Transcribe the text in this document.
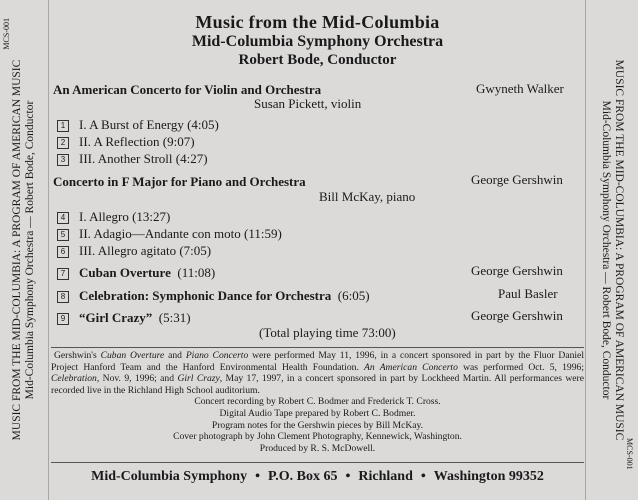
MCS-001
MUSIC FROM THE MID-COLUMBIA: A PROGRAM OF AMERICAN MUSIC Mid-Columbia Symphony Orchestra — Robert Bode, Conductor	MUSIC FROM THE MID-COLUMBIA: A PROGRAM OF AMERICAN MUSIC
Mid-Columbia Symphony Orchestra — Robert Bode, Conductor
MCS-001
Music from the Mid-Columbia
Mid-Columbia Symphony Orchestra
Robert Bode, Conductor
An American Concerto for Violin and Orchestra	Gwyneth Walker
Susan Pickett, violin
1 I. A Burst of Energy (4:05)
2 II. A Reflection (9:07)
3 III. Another Stroll (4:27)
Concerto in F Major for Piano and Orchestra	George Gershwin
Bill McKay, piano
4 I. Allegro (13:27)
5 II. Adagio—Andante con moto (11:59)
6 III. Allegro agitato (7:05)
7 Cuban Overture (11:08)	George Gershwin
8 Celebration: Symphonic Dance for Orchestra (6:05)	Paul Basler
9 “Girl Crazy” (5:31)	George Gershwin
(Total playing time 73:00)

Gershwin's Cuban Overture and Piano Concerto were performed May 11, 1996, in a concert sponsored in part by the Fluor Daniel Project Hanford Team and the Hanford Environmental Health Foundation. An American Concerto was performed Oct. 5, 1996; Celebration, Nov. 9, 1996; and Girl Crazy, May 17, 1997, in a concert sponsored in part by Lockheed Martin. All performances were recorded live in the Richland High School auditorium.

Concert recording by Robert C. Bodmer and Frederick T. Cross.

Digital Audio Tape prepared by Robert C. Bodmer.

Program notes for the Gershwin pieces by Bill McKay.

Cover photograph by John Clement Photography, Kennewick, Washington.

Produced by R. S. McDowell.

Mid-Columbia Symphony • P.O. Box 65 • Richland • Washington 99352
